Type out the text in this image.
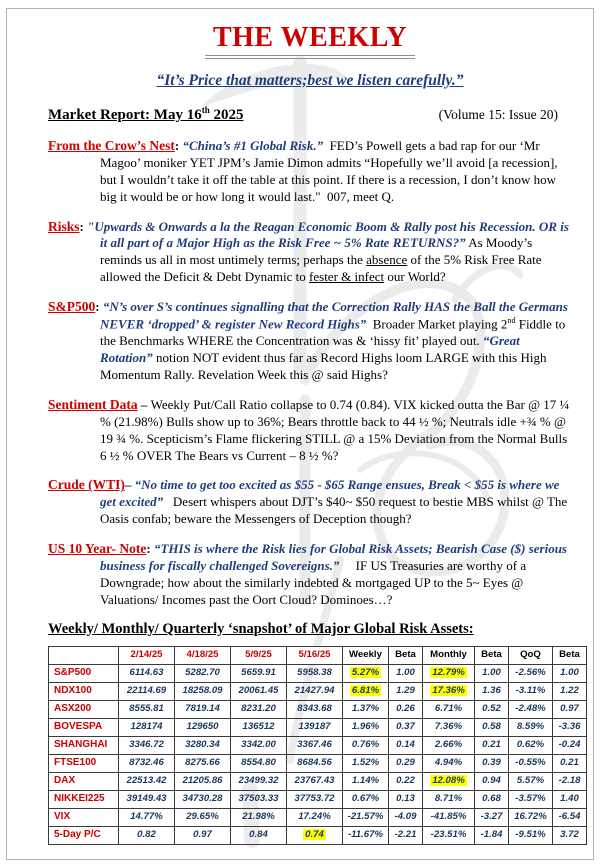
THE WEEKLY
“It’s Price that matters;best we listen carefully.”
Market Report: May 16th 2025	(Volume 15: Issue 20)
From the Crow’s Nest: “China’s #1 Global Risk.”  FED’s Powell gets a bad rap for our ‘Mr Magoo’ moniker YET JPM’s Jamie Dimon admits “Hopefully we’ll avoid [a recession], but I wouldn’t take it off the table at this point. If there is a recession, I don’t know how big it would be or how long it would last."  007, meet Q.
Risks: "Upwards & Onwards a la the Reagan Economic Boom & Rally post his Recession. OR is it all part of a Major High as the Risk Free ~ 5% Rate RETURNS?” As Moody’s reminds us all in most untimely terms; perhaps the absence of the 5% Risk Free Rate allowed the Deficit & Debt Dynamic to fester & infect our World?
S&P500: “N’s over S’s continues signalling that the Correction Rally HAS the Ball the Germans NEVER ‘dropped’ & register New Record Highs”  Broader Market playing 2nd Fiddle to the Benchmarks WHERE the Concentration was & ‘hissy fit’ played out. “Great Rotation” notion NOT evident thus far as Record Highs loom LARGE with this High Momentum Rally. Revelation Week this @ said Highs?
Sentiment Data – Weekly Put/Call Ratio collapse to 0.74 (0.84). VIX kicked outta the Bar @ 17 ¼ % (21.98%) Bulls show up to 36%; Bears throttle back to 44 ½ %; Neutrals idle +¾ % @ 19 ¾ %. Scepticism’s Flame flickering STILL @ a 15% Deviation from the Normal Bulls 6 ½ % OVER The Bears vs Current – 8 ½ %?
Crude (WTI)– “No time to get too excited as $55 - $65 Range ensues, Break < $55 is where we get excited”   Desert whispers about DJT’s $40~ $50 request to bestie MBS whilst @ The Oasis confab; beware the Messengers of Deception though?
US 10 Year- Note: “THIS is where the Risk lies for Global Risk Assets; Bearish Case ($) serious business for fiscally challenged Sovereigns.”     IF US Treasuries are worthy of a Downgrade; how about the similarly indebted & mortgaged UP to the 5~ Eyes @ Valuations/ Incomes past the Oort Cloud? Dominoes…?
Weekly/ Monthly/ Quarterly ‘snapshot’ of Major Global Risk Assets:
	2/14/25	4/18/25	5/9/25	5/16/25	Weekly	Beta	Monthly	Beta	QoQ	Beta
S&P500	6114.63	5282.70	5659.91	5958.38	5.27%	1.00	12.79%	1.00	-2.56%	1.00
NDX100	22114.69	18258.09	20061.45	21427.94	6.81%	1.29	17.36%	1.36	-3.11%	1.22
ASX200	8555.81	7819.14	8231.20	8343.68	1.37%	0.26	6.71%	0.52	-2.48%	0.97
BOVESPA	128174	129650	136512	139187	1.96%	0.37	7.36%	0.58	8.59%	-3.36
SHANGHAI	3346.72	3280.34	3342.00	3367.46	0.76%	0.14	2.66%	0.21	0.62%	-0.24
FTSE100	8732.46	8275.66	8554.80	8684.56	1.52%	0.29	4.94%	0.39	-0.55%	0.21
DAX	22513.42	21205.86	23499.32	23767.43	1.14%	0.22	12.08%	0.94	5.57%	-2.18
NIKKEI225	39149.43	34730.28	37503.33	37753.72	0.67%	0.13	8.71%	0.68	-3.57%	1.40
VIX	14.77%	29.65%	21.98%	17.24%	-21.57%	-4.09	-41.85%	-3.27	16.72%	-6.54
5-Day P/C	0.82	0.97	0.84	0.74	-11.67%	-2.21	-23.51%	-1.84	-9.51%	3.72
